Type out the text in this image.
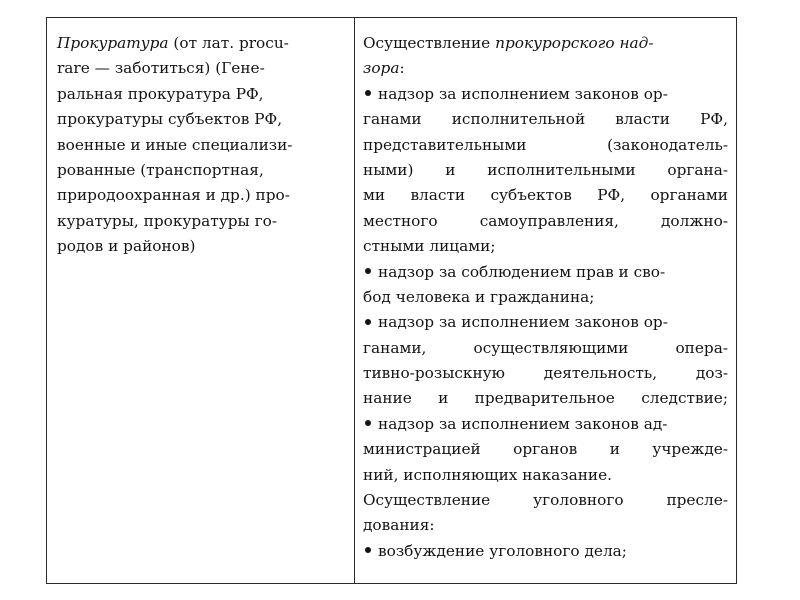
Прокуратура (от лат. procu-
rare — заботиться) (Гене-
ральная прокуратура РФ,
прокуратуры субъектов РФ,
военные и иные специализи-
рованные (транспортная,
природоохранная и др.) про-
куратуры, прокуратуры го-
родов и районов)
Осуществление прокурорского над-
зора:
надзор за исполнением законов ор-
ганами исполнительной власти РФ,
представительными (законодатель-
ными) и исполнительными органа-
ми власти субъектов РФ, органами
местного самоуправления, должно-
стными лицами;
надзор за соблюдением прав и сво-
бод человека и гражданина;
надзор за исполнением законов ор-
ганами, осуществляющими опера-
тивно-розыскную деятельность, доз-
нание и предварительное следствие;
надзор за исполнением законов ад-
министрацией органов и учрежде-
ний, исполняющих наказание.
Осуществление уголовного пресле-
дования:
возбуждение уголовного дела;
